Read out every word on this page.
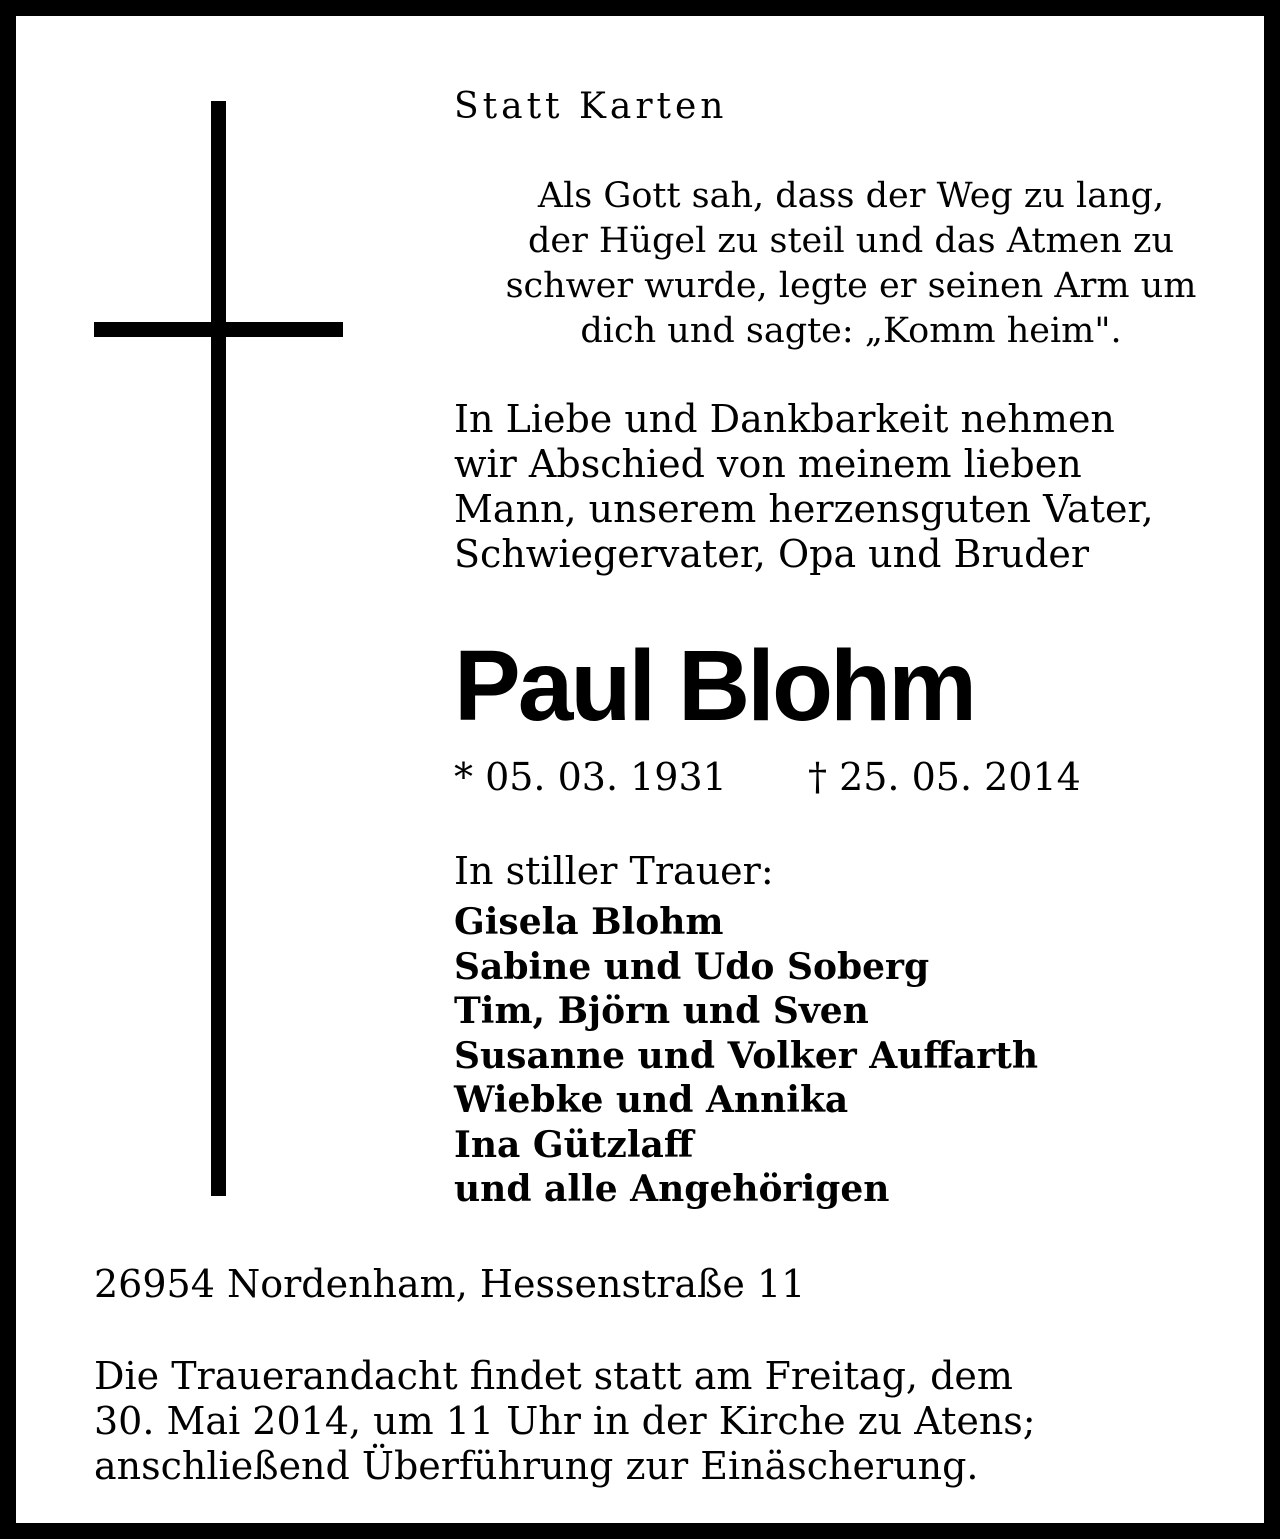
Statt Karten
Als Gott sah, dass der Weg zu lang,
der Hügel zu steil und das Atmen zu
schwer wurde, legte er seinen Arm um
dich und sagte: „Komm heim".
In Liebe und Dankbarkeit nehmen
wir Abschied von meinem lieben
Mann, unserem herzensguten Vater,
Schwiegervater, Opa und Bruder
Paul Blohm
* 05. 03. 1931 † 25. 05. 2014
In stiller Trauer:
Gisela Blohm
Sabine und Udo Soberg
Tim, Björn und Sven
Susanne und Volker Auffarth
Wiebke und Annika
Ina Gützlaff
und alle Angehörigen
26954 Nordenham, Hessenstraße 11
Die Trauerandacht findet statt am Freitag, dem
30. Mai 2014, um 11 Uhr in der Kirche zu Atens;
anschließend Überführung zur Einäscherung.
